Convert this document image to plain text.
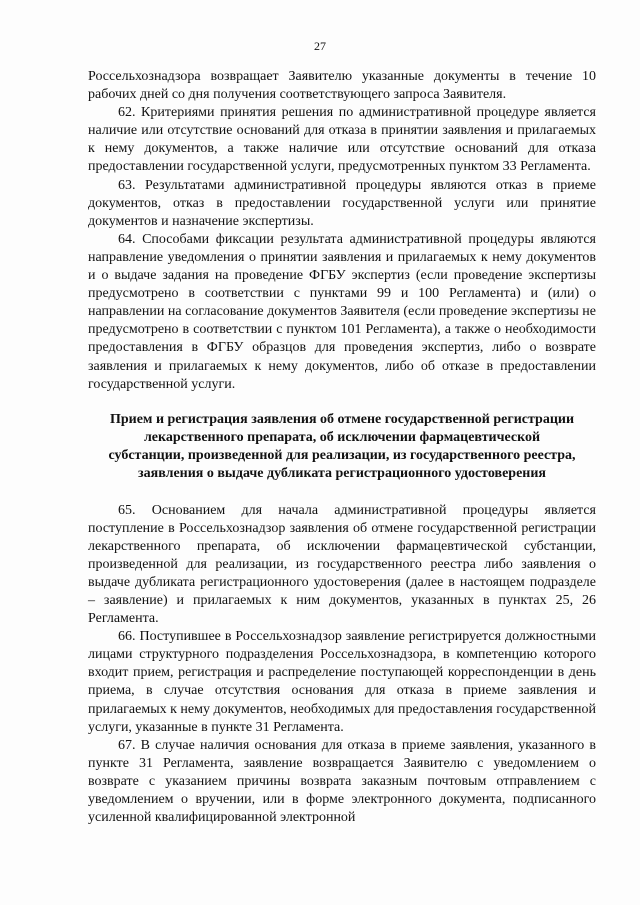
27

Россельхознадзора возвращает Заявителю указанные документы в течение 10 рабочих дней со дня получения соответствующего запроса Заявителя.

62. Критериями принятия решения по административной процедуре является наличие или отсутствие оснований для отказа в принятии заявления и прилагаемых к нему документов, а также наличие или отсутствие оснований для отказа предоставлении государственной услуги, предусмотренных пунктом 33 Регламента.

63. Результатами административной процедуры являются отказ в приеме документов, отказ в предоставлении государственной услуги или принятие документов и назначение экспертизы.

64. Способами фиксации результата административной процедуры являются направление уведомления о принятии заявления и прилагаемых к нему документов и о выдаче задания на проведение ФГБУ экспертиз (если проведение экспертизы предусмотрено в соответствии с пунктами 99 и 100 Регламента) и (или) о направлении на согласование документов Заявителя (если проведение экспертизы не предусмотрено в соответствии с пунктом 101 Регламента), а также о необходимости предоставления в ФГБУ образцов для проведения экспертиз, либо о возврате заявления и прилагаемых к нему документов, либо об отказе в предоставлении государственной услуги.

Прием и регистрация заявления об отмене государственной регистрации лекарственного препарата, об исключении фармацевтической субстанции, произведенной для реализации, из государственного реестра, заявления о выдаче дубликата регистрационного удостоверения

65. Основанием для начала административной процедуры является поступление в Россельхознадзор заявления об отмене государственной регистрации лекарственного препарата, об исключении фармацевтической субстанции, произведенной для реализации, из государственного реестра либо заявления о выдаче дубликата регистрационного удостоверения (далее в настоящем подразделе – заявление) и прилагаемых к ним документов, указанных в пунктах 25, 26 Регламента.

66. Поступившее в Россельхознадзор заявление регистрируется должностными лицами структурного подразделения Россельхознадзора, в компетенцию которого входит прием, регистрация и распределение поступающей корреспонденции в день приема, в случае отсутствия основания для отказа в приеме заявления и прилагаемых к нему документов, необходимых для предоставления государственной услуги, указанные в пункте 31 Регламента.

67. В случае наличия основания для отказа в приеме заявления, указанного в пункте 31 Регламента, заявление возвращается Заявителю с уведомлением о возврате с указанием причины возврата заказным почтовым отправлением с уведомлением о вручении, или в форме электронного документа, подписанного усиленной квалифицированной электронной
